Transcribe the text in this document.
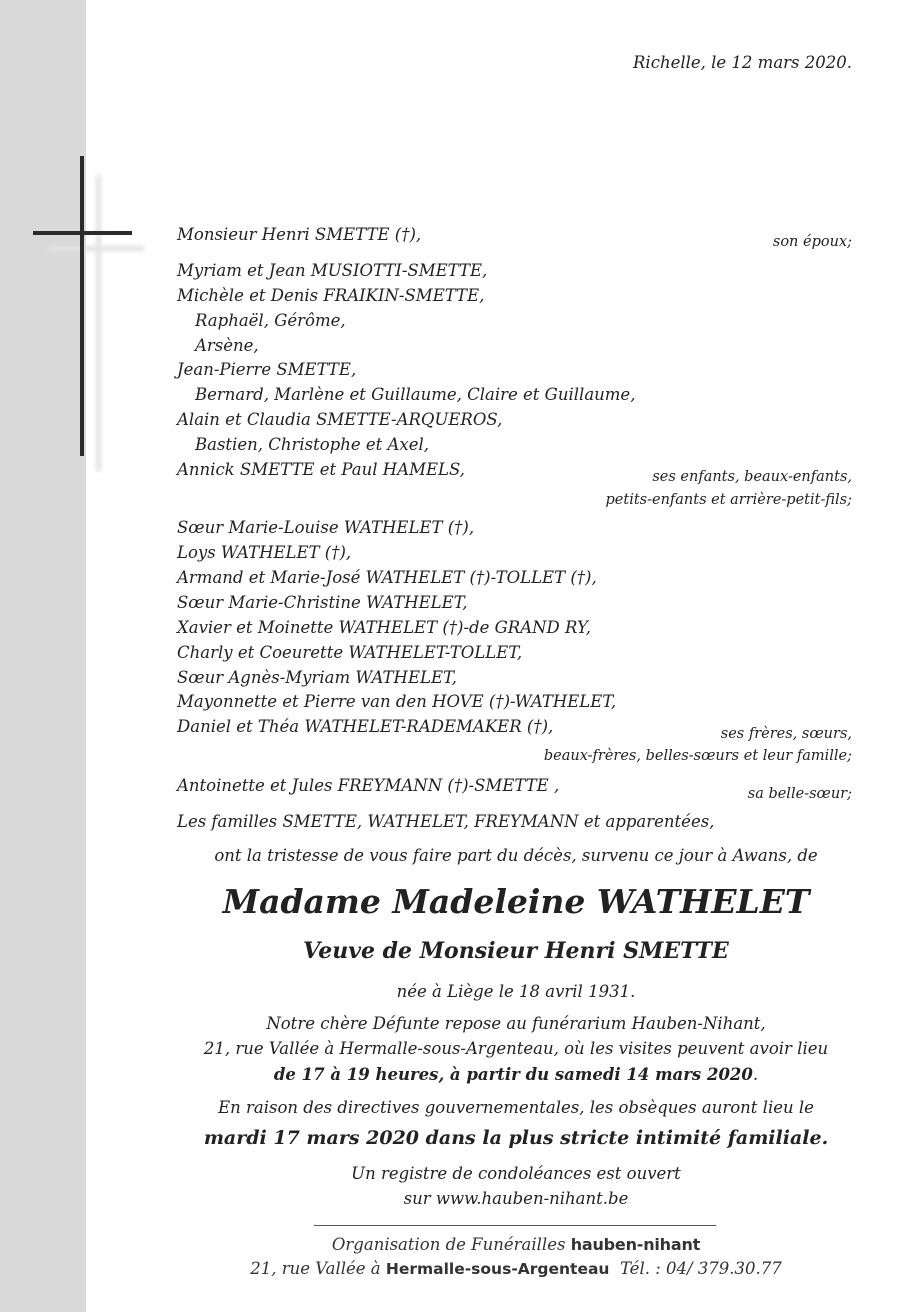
Richelle, le 12 mars 2020.
Monsieur Henri SMETTE (†),	son époux;
Myriam et Jean MUSIOTTI-SMETTE,
Michèle et Denis FRAIKIN-SMETTE,
Raphaël, Gérôme,
Arsène,
Jean-Pierre SMETTE,
Bernard, Marlène et Guillaume, Claire et Guillaume,
Alain et Claudia SMETTE-ARQUEROS,
Bastien, Christophe et Axel,
Annick SMETTE et Paul HAMELS,	ses enfants, beaux-enfants,
petits-enfants et arrière-petit-fils;
Sœur Marie-Louise WATHELET (†),
Loys WATHELET (†),
Armand et Marie-José WATHELET (†)-TOLLET (†),
Sœur Marie-Christine WATHELET,
Xavier et Moinette WATHELET (†)-de GRAND RY,
Charly et Coeurette WATHELET-TOLLET,
Sœur Agnès-Myriam WATHELET,
Mayonnette et Pierre van den HOVE (†)-WATHELET,
Daniel et Théa WATHELET-RADEMAKER (†),	ses frères, sœurs,
beaux-frères, belles-sœurs et leur famille;
Antoinette et Jules FREYMANN (†)-SMETTE ,	sa belle-sœur;
Les familles SMETTE, WATHELET, FREYMANN et apparentées,
ont la tristesse de vous faire part du décès, survenu ce jour à Awans, de
Madame Madeleine WATHELET
Veuve de Monsieur Henri SMETTE
née à Liège le 18 avril 1931.
Notre chère Défunte repose au funérarium Hauben-Nihant,
21, rue Vallée à Hermalle-sous-Argenteau, où les visites peuvent avoir lieu
de 17 à 19 heures, à partir du samedi 14 mars 2020.
En raison des directives gouvernementales, les obsèques auront lieu le
mardi 17 mars 2020 dans la plus stricte intimité familiale.
Un registre de condoléances est ouvert
sur www.hauben-nihant.be
Organisation de Funérailles hauben-nihant
21, rue Vallée à Hermalle-sous-Argenteau Tél. : 04/ 379.30.77
